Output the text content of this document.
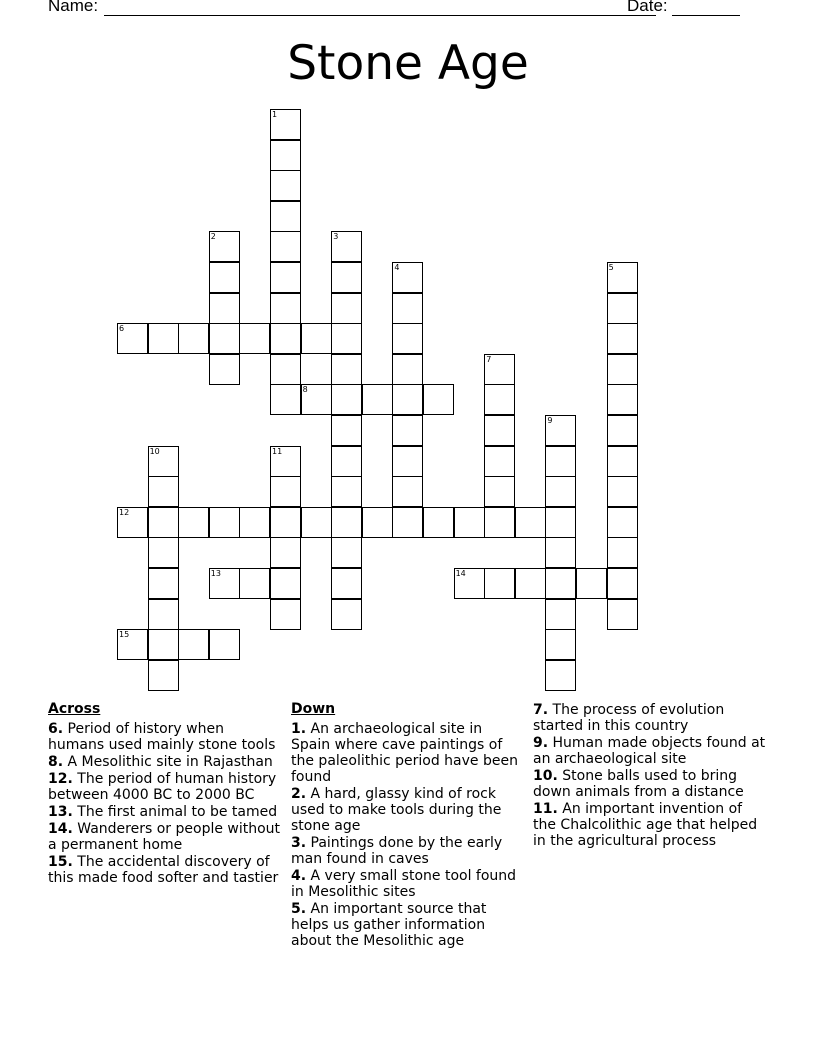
Name:	Date:
Stone Age
1
2	3
4	5
6
7
8
9
10	11
12
13	14
15
Across
6. Period of history when humans used mainly stone tools
8. A Mesolithic site in Rajasthan
12. The period of human history between 4000 BC to 2000 BC
13. The first animal to be tamed
14. Wanderers or people without a permanent home
15. The accidental discovery of this made food softer and tastier
Down
1. An archaeological site in Spain where cave paintings of the paleolithic period have been found
2. A hard, glassy kind of rock used to make tools during the stone age
3. Paintings done by the early man found in caves
4. A very small stone tool found in Mesolithic sites
5. An important source that helps us gather information about the Mesolithic age
7. The process of evolution started in this country
9. Human made objects found at an archaeological site
10. Stone balls used to bring down animals from a distance
11. An important invention of the Chalcolithic age that helped in the agricultural process
